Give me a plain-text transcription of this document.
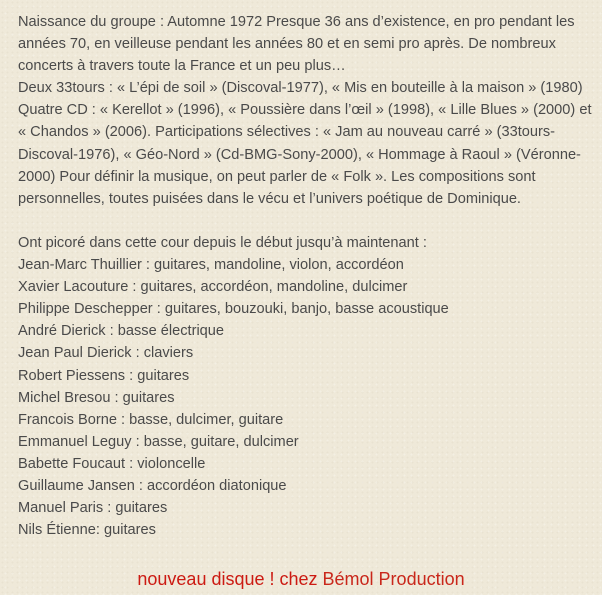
Naissance du groupe : Automne 1972 Presque 36 ans d’existence, en pro pendant les années 70, en veilleuse pendant les années 80 et en semi pro après. De nombreux concerts à travers toute la France et un peu plus…

Deux 33tours : « L’épi de soil » (Discoval-1977), « Mis en bouteille à la maison » (1980) Quatre CD : « Kerellot » (1996), « Poussière dans l’œil » (1998), « Lille Blues » (2000) et « Chandos » (2006). Participations sélectives : « Jam au nouveau carré » (33tours-Discoval-1976), « Géo-Nord » (Cd-BMG-Sony-2000), « Hommage à Raoul » (Véronne-2000) Pour définir la musique, on peut parler de « Folk ». Les compositions sont personnelles, toutes puisées dans le vécu et l’univers poétique de Dominique.

Ont picoré dans cette cour depuis le début jusqu’à maintenant :

Jean-Marc Thuillier : guitares, mandoline, violon, accordéon
Xavier Lacouture : guitares, accordéon, mandoline, dulcimer
Philippe Deschepper : guitares, bouzouki, banjo, basse acoustique
André Dierick : basse électrique
Jean Paul Dierick : claviers
Robert Piessens : guitares
Michel Bresou : guitares
Francois Borne : basse, dulcimer, guitare
Emmanuel Leguy : basse, guitare, dulcimer
Babette Foucaut : violoncelle
Guillaume Jansen : accordéon diatonique
Manuel Paris : guitares
Nils Étienne: guitares
nouveau disque ! chez Bémol Production
